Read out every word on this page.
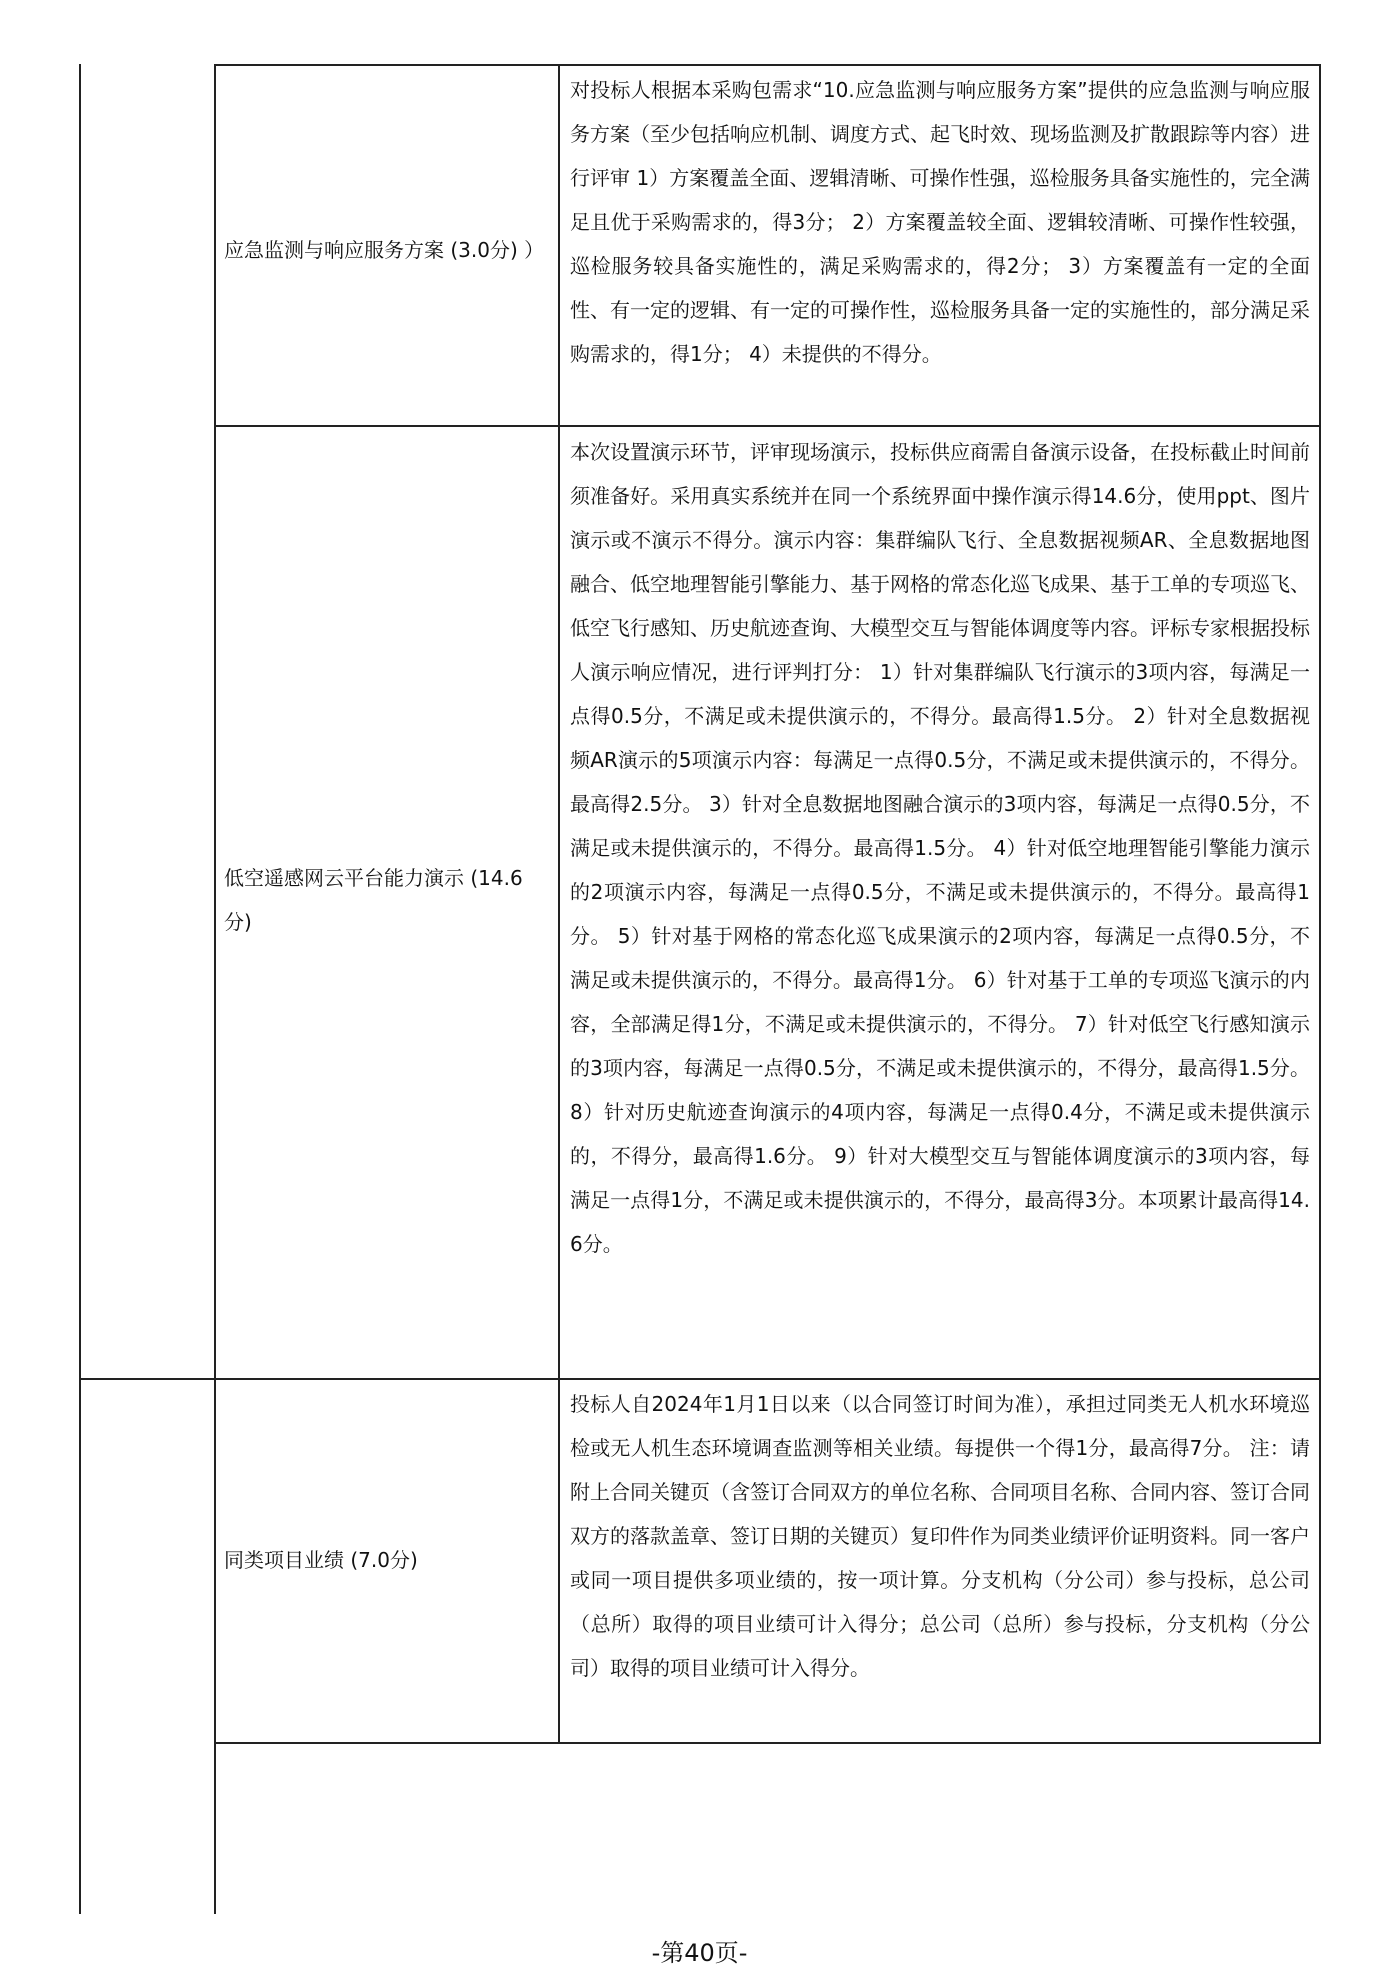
应急监测与响应服务方案 (3.0分) ）
对投标人根据本采购包需求“10.应急监测与响应服务方案”提供的应急监测与响应服务方案（至少包括响应机制、调度方式、起飞时效、现场监测及扩散跟踪等内容）进行评审 1）方案覆盖全面、逻辑清晰、可操作性强，巡检服务具备实施性的，完全满足且优于采购需求的，得3分； 2）方案覆盖较全面、逻辑较清晰、可操作性较强，巡检服务较具备实施性的，满足采购需求的，得2分； 3）方案覆盖有一定的全面性、有一定的逻辑、有一定的可操作性，巡检服务具备一定的实施性的，部分满足采购需求的，得1分； 4）未提供的不得分。
低空遥感网云平台能力演示 (14.6分)
本次设置演示环节，评审现场演示，投标供应商需自备演示设备，在投标截止时间前须准备好。采用真实系统并在同一个系统界面中操作演示得14.6分，使用ppt、图片演示或不演示不得分。演示内容：集群编队飞行、全息数据视频AR、全息数据地图融合、低空地理智能引擎能力、基于网格的常态化巡飞成果、基于工单的专项巡飞、低空飞行感知、历史航迹查询、大模型交互与智能体调度等内容。评标专家根据投标人演示响应情况，进行评判打分： 1）针对集群编队飞行演示的3项内容，每满足一点得0.5分，不满足或未提供演示的，不得分。最高得1.5分。 2）针对全息数据视频AR演示的5项演示内容：每满足一点得0.5分，不满足或未提供演示的，不得分。最高得2.5分。 3）针对全息数据地图融合演示的3项内容，每满足一点得0.5分，不满足或未提供演示的，不得分。最高得1.5分。 4）针对低空地理智能引擎能力演示的2项演示内容，每满足一点得0.5分，不满足或未提供演示的，不得分。最高得1分。 5）针对基于网格的常态化巡飞成果演示的2项内容，每满足一点得0.5分，不满足或未提供演示的，不得分。最高得1分。 6）针对基于工单的专项巡飞演示的内容，全部满足得1分，不满足或未提供演示的，不得分。 7）针对低空飞行感知演示的3项内容，每满足一点得0.5分，不满足或未提供演示的，不得分，最高得1.5分。 8）针对历史航迹查询演示的4项内容，每满足一点得0.4分，不满足或未提供演示的，不得分，最高得1.6分。 9）针对大模型交互与智能体调度演示的3项内容，每满足一点得1分，不满足或未提供演示的，不得分，最高得3分。本项累计最高得14.6分。
同类项目业绩 (7.0分)
投标人自2024年1月1日以来（以合同签订时间为准），承担过同类无人机水环境巡检或无人机生态环境调查监测等相关业绩。每提供一个得1分，最高得7分。 注：请附上合同关键页（含签订合同双方的单位名称、合同项目名称、合同内容、签订合同双方的落款盖章、签订日期的关键页）复印件作为同类业绩评价证明资料。同一客户或同一项目提供多项业绩的，按一项计算。分支机构（分公司）参与投标，总公司（总所）取得的项目业绩可计入得分；总公司（总所）参与投标，分支机构（分公司）取得的项目业绩可计入得分。
-第40页-
